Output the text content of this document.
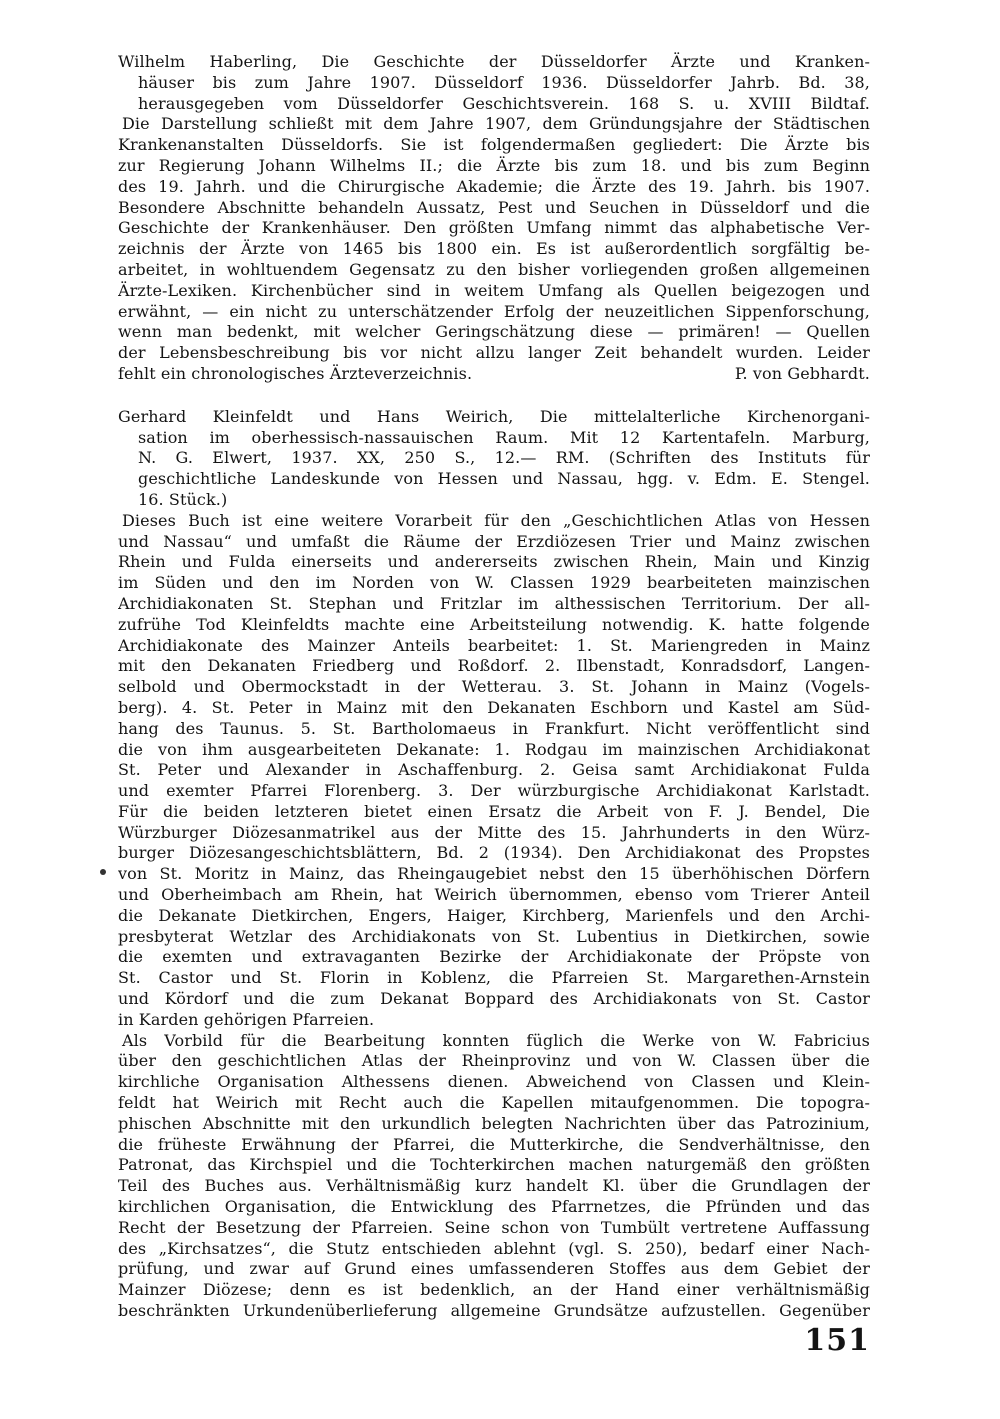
Wilhelm Haberling, Die Geschichte der Düsseldorfer Ärzte und Kranken-
häuser bis zum Jahre 1907. Düsseldorf 1936. Düsseldorfer Jahrb. Bd. 38,
herausgegeben vom Düsseldorfer Geschichtsverein. 168 S. u. XVIII Bildtaf.
Die Darstellung schließt mit dem Jahre 1907, dem Gründungsjahre der Städtischen
Krankenanstalten Düsseldorfs. Sie ist folgendermaßen gegliedert: Die Ärzte bis
zur Regierung Johann Wilhelms II.; die Ärzte bis zum 18. und bis zum Beginn
des 19. Jahrh. und die Chirurgische Akademie; die Ärzte des 19. Jahrh. bis 1907.
Besondere Abschnitte behandeln Aussatz, Pest und Seuchen in Düsseldorf und die
Geschichte der Krankenhäuser. Den größten Umfang nimmt das alphabetische Ver-
zeichnis der Ärzte von 1465 bis 1800 ein. Es ist außerordentlich sorgfältig be-
arbeitet, in wohltuendem Gegensatz zu den bisher vorliegenden großen allgemeinen
Ärzte-Lexiken. Kirchenbücher sind in weitem Umfang als Quellen beigezogen und
erwähnt, — ein nicht zu unterschätzender Erfolg der neuzeitlichen Sippenforschung,
wenn man bedenkt, mit welcher Geringschätzung diese — primären! — Quellen
der Lebensbeschreibung bis vor nicht allzu langer Zeit behandelt wurden. Leider
fehlt ein chronologisches Ärzteverzeichnis.	P. von Gebhardt.
Gerhard Kleinfeldt und Hans Weirich, Die mittelalterliche Kirchenorgani-
sation im oberhessisch-nassauischen Raum. Mit 12 Kartentafeln. Marburg,
N. G. Elwert, 1937. XX, 250 S., 12.— RM. (Schriften des Instituts für
geschichtliche Landeskunde von Hessen und Nassau, hgg. v. Edm. E. Stengel.
16. Stück.)
Dieses Buch ist eine weitere Vorarbeit für den „Geschichtlichen Atlas von Hessen
und Nassau“ und umfaßt die Räume der Erzdiözesen Trier und Mainz zwischen
Rhein und Fulda einerseits und andererseits zwischen Rhein, Main und Kinzig
im Süden und den im Norden von W. Classen 1929 bearbeiteten mainzischen
Archidiakonaten St. Stephan und Fritzlar im althessischen Territorium. Der all-
zufrühe Tod Kleinfeldts machte eine Arbeitsteilung notwendig. K. hatte folgende
Archidiakonate des Mainzer Anteils bearbeitet: 1. St. Mariengreden in Mainz
mit den Dekanaten Friedberg und Roßdorf. 2. Ilbenstadt, Konradsdorf, Langen-
selbold und Obermockstadt in der Wetterau. 3. St. Johann in Mainz (Vogels-
berg). 4. St. Peter in Mainz mit den Dekanaten Eschborn und Kastel am Süd-
hang des Taunus. 5. St. Bartholomaeus in Frankfurt. Nicht veröffentlicht sind
die von ihm ausgearbeiteten Dekanate: 1. Rodgau im mainzischen Archidiakonat
St. Peter und Alexander in Aschaffenburg. 2. Geisa samt Archidiakonat Fulda
und exemter Pfarrei Florenberg. 3. Der würzburgische Archidiakonat Karlstadt.
Für die beiden letzteren bietet einen Ersatz die Arbeit von F. J. Bendel, Die
Würzburger Diözesanmatrikel aus der Mitte des 15. Jahrhunderts in den Würz-
burger Diözesangeschichtsblättern, Bd. 2 (1934). Den Archidiakonat des Propstes
von St. Moritz in Mainz, das Rheingaugebiet nebst den 15 überhöhischen Dörfern
und Oberheimbach am Rhein, hat Weirich übernommen, ebenso vom Trierer Anteil
die Dekanate Dietkirchen, Engers, Haiger, Kirchberg, Marienfels und den Archi-
presbyterat Wetzlar des Archidiakonats von St. Lubentius in Dietkirchen, sowie
die exemten und extravaganten Bezirke der Archidiakonate der Pröpste von
St. Castor und St. Florin in Koblenz, die Pfarreien St. Margarethen-Arnstein
und Kördorf und die zum Dekanat Boppard des Archidiakonats von St. Castor
in Karden gehörigen Pfarreien.
Als Vorbild für die Bearbeitung konnten füglich die Werke von W. Fabricius
über den geschichtlichen Atlas der Rheinprovinz und von W. Classen über die
kirchliche Organisation Althessens dienen. Abweichend von Classen und Klein-
feldt hat Weirich mit Recht auch die Kapellen mitaufgenommen. Die topogra-
phischen Abschnitte mit den urkundlich belegten Nachrichten über das Patrozinium,
die früheste Erwähnung der Pfarrei, die Mutterkirche, die Sendverhältnisse, den
Patronat, das Kirchspiel und die Tochterkirchen machen naturgemäß den größten
Teil des Buches aus. Verhältnismäßig kurz handelt Kl. über die Grundlagen der
kirchlichen Organisation, die Entwicklung des Pfarrnetzes, die Pfründen und das
Recht der Besetzung der Pfarreien. Seine schon von Tumbült vertretene Auffassung
des „Kirchsatzes“, die Stutz entschieden ablehnt (vgl. S. 250), bedarf einer Nach-
prüfung, und zwar auf Grund eines umfassenderen Stoffes aus dem Gebiet der
Mainzer Diözese; denn es ist bedenklich, an der Hand einer verhältnismäßig
beschränkten Urkundenüberlieferung allgemeine Grundsätze aufzustellen. Gegenüber
151
